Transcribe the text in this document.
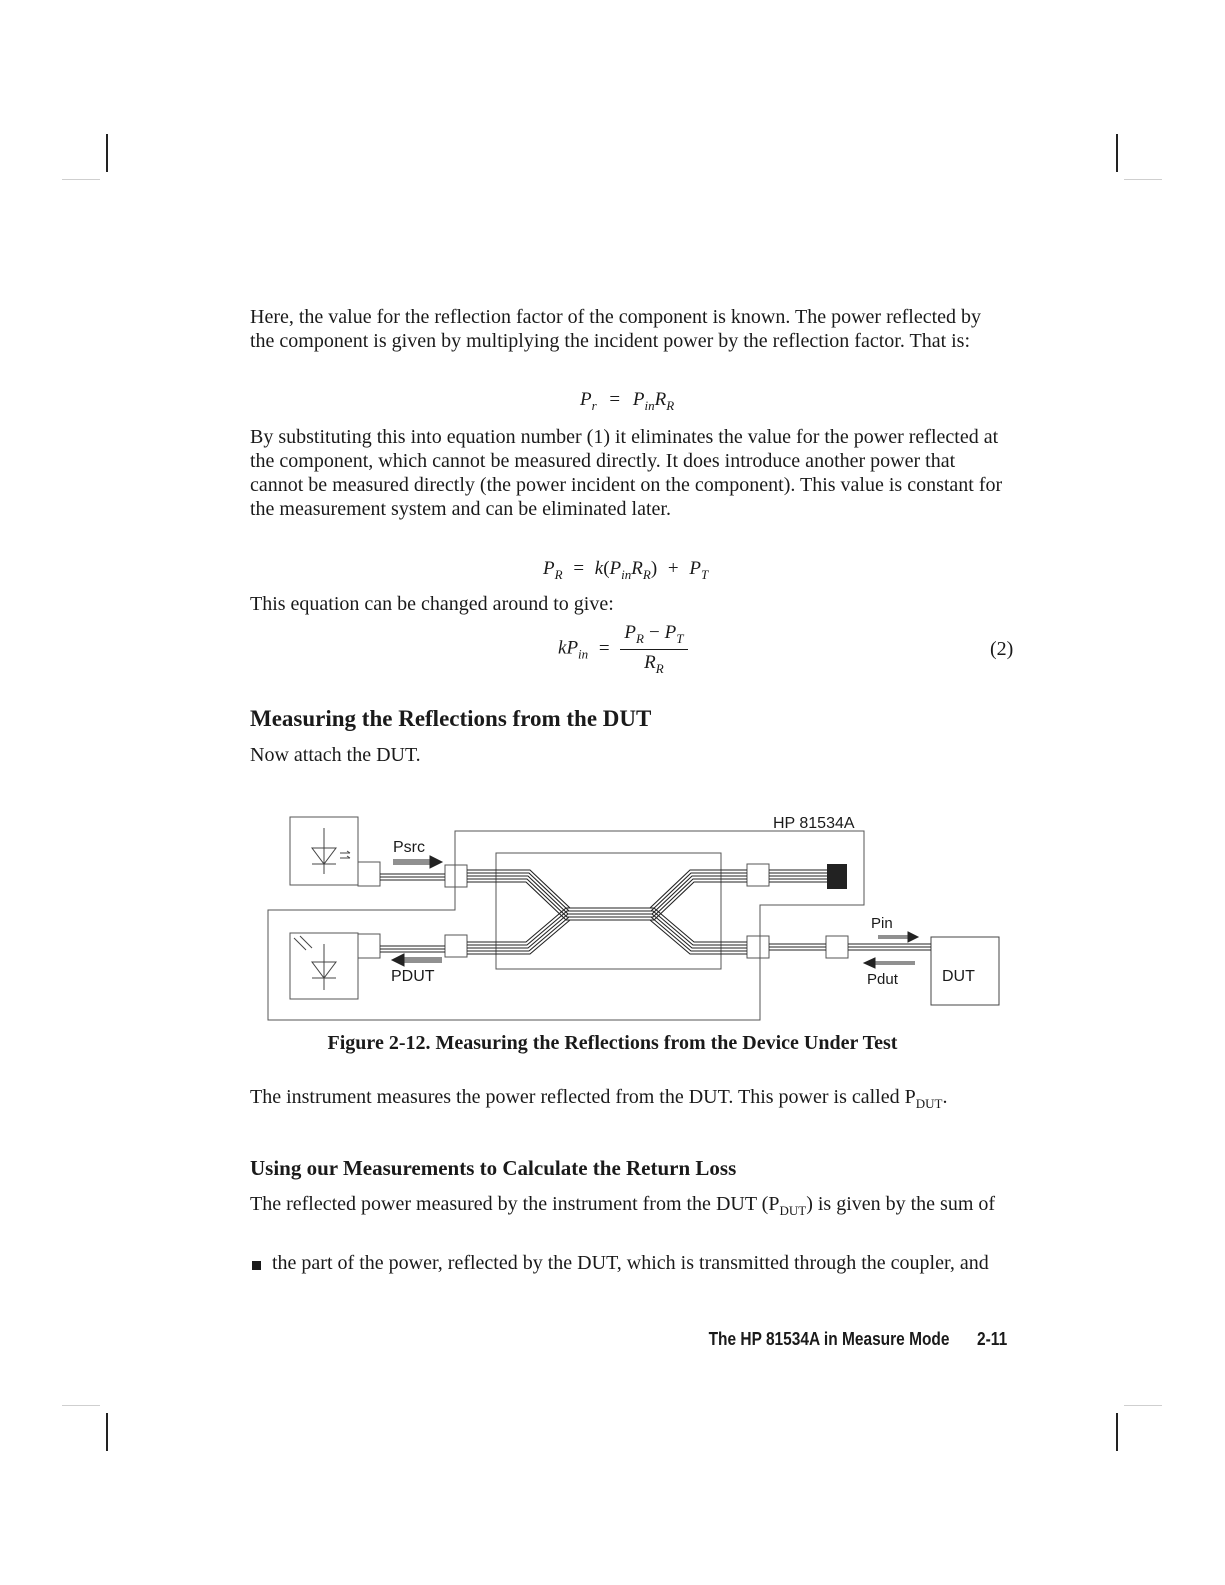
Here, the value for the reflection factor of the component is known. The power reflected by the component is given by multiplying the incident power by the reflection factor. That is:
$P_r = P_{in}R_R$
By substituting this into equation number (1) it eliminates the value for the power reflected at the component, which cannot be measured directly. It does introduce another power that cannot be measured directly (the power incident on the component). This value is constant for the measurement system and can be eliminated later.
$P_R = k(P_{in}R_R) + P_T$
This equation can be changed around to give:
$kP_{in} = \frac{P_R - P_T}{R_R}$	(2)
Measuring the Reflections from the DUT
Now attach the DUT.
HP 81534A
Psrc
PDUT
Pin
Pdut	DUT
Figure 2-12. Measuring the Reflections from the Device Under Test
The instrument measures the power reflected from the DUT. This power is called $P_{DUT}$.
Using our Measurements to Calculate the Return Loss
The reflected power measured by the instrument from the DUT $(P_{DUT})$ is given by the sum of
the part of the power, reflected by the DUT, which is transmitted through the coupler, and
The HP 81534A in Measure Mode 2-11
